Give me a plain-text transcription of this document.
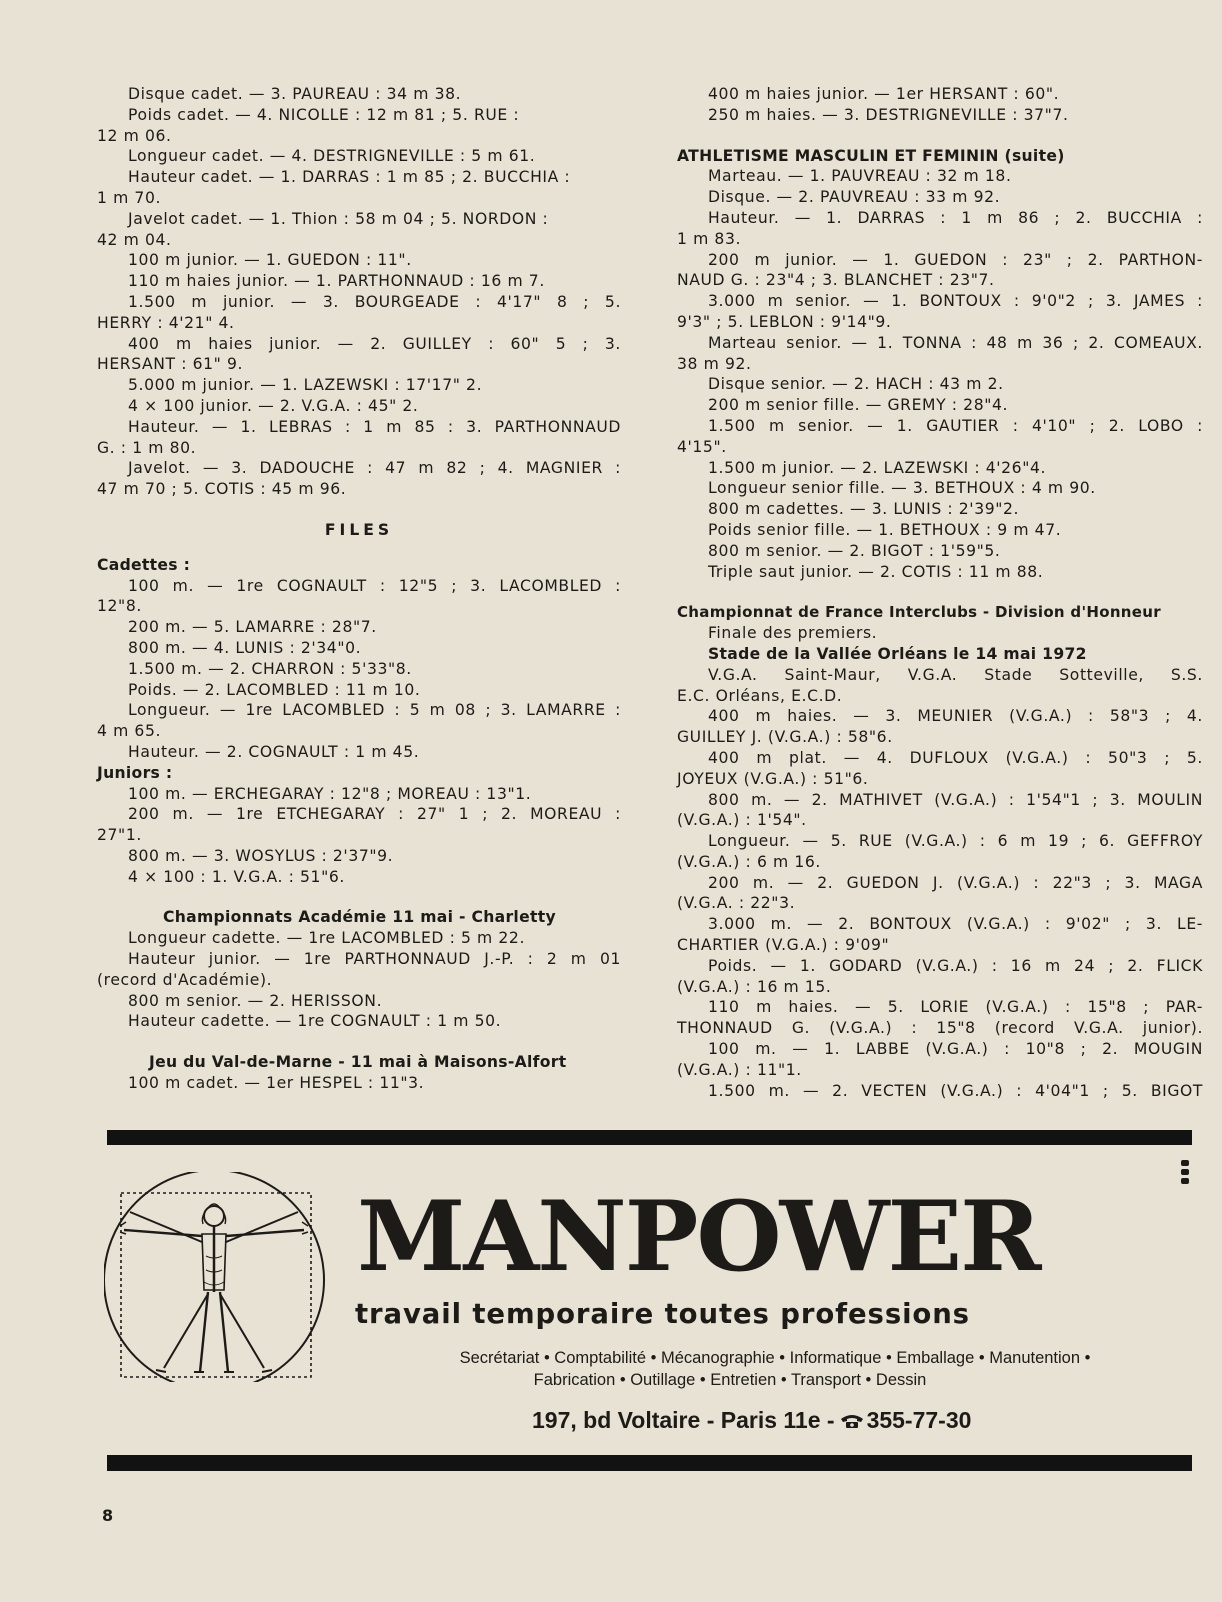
Disque cadet. — 3. PAUREAU : 34 m 38.
Poids cadet. — 4. NICOLLE : 12 m 81 ; 5. RUE :
12 m 06.
Longueur cadet. — 4. DESTRIGNEVILLE : 5 m 61.
Hauteur cadet. — 1. DARRAS : 1 m 85 ; 2. BUCCHIA :
1 m 70.
Javelot cadet. — 1. Thion : 58 m 04 ; 5. NORDON :
42 m 04.
100 m junior. — 1. GUEDON : 11".
110 m haies junior. — 1. PARTHONNAUD : 16 m 7.
1.500 m junior. — 3. BOURGEADE : 4'17" 8 ; 5.
HERRY : 4'21" 4.
400 m haies junior. — 2. GUILLEY : 60" 5 ; 3.
HERSANT : 61" 9.
5.000 m junior. — 1. LAZEWSKI : 17'17" 2.
4 × 100 junior. — 2. V.G.A. : 45" 2.
Hauteur. — 1. LEBRAS : 1 m 85 : 3. PARTHONNAUD
G. : 1 m 80.
Javelot. — 3. DADOUCHE : 47 m 82 ; 4. MAGNIER :
47 m 70 ; 5. COTIS : 45 m 96.
FILES
Cadettes :
100 m. — 1re COGNAULT : 12"5 ; 3. LACOMBLED :
12"8.
200 m. — 5. LAMARRE : 28"7.
800 m. — 4. LUNIS : 2'34"0.
1.500 m. — 2. CHARRON : 5'33"8.
Poids. — 2. LACOMBLED : 11 m 10.
Longueur. — 1re LACOMBLED : 5 m 08 ; 3. LAMARRE :
4 m 65.
Hauteur. — 2. COGNAULT : 1 m 45.
Juniors :
100 m. — ERCHEGARAY : 12"8 ; MOREAU : 13"1.
200 m. — 1re ETCHEGARAY : 27" 1 ; 2. MOREAU :
27"1.
800 m. — 3. WOSYLUS : 2'37"9.
4 × 100 : 1. V.G.A. : 51"6.
Championnats Académie 11 mai - Charletty
Longueur cadette. — 1re LACOMBLED : 5 m 22.
Hauteur junior. — 1re PARTHONNAUD J.-P. : 2 m 01
(record d'Académie).
800 m senior. — 2. HERISSON.
Hauteur cadette. — 1re COGNAULT : 1 m 50.
Jeu du Val-de-Marne - 11 mai à Maisons-Alfort
100 m cadet. — 1er HESPEL : 11"3.
400 m haies junior. — 1er HERSANT : 60".
250 m haies. — 3. DESTRIGNEVILLE : 37"7.
ATHLETISME MASCULIN ET FEMININ (suite)
Marteau. — 1. PAUVREAU : 32 m 18.
Disque. — 2. PAUVREAU : 33 m 92.
Hauteur. — 1. DARRAS : 1 m 86 ; 2. BUCCHIA :
1 m 83.
200 m junior. — 1. GUEDON : 23" ; 2. PARTHON-
NAUD G. : 23"4 ; 3. BLANCHET : 23"7.
3.000 m senior. — 1. BONTOUX : 9'0"2 ; 3. JAMES :
9'3" ; 5. LEBLON : 9'14"9.
Marteau senior. — 1. TONNA : 48 m 36 ; 2. COMEAUX.
38 m 92.
Disque senior. — 2. HACH : 43 m 2.
200 m senior fille. — GREMY : 28"4.
1.500 m senior. — 1. GAUTIER : 4'10" ; 2. LOBO :
4'15".
1.500 m junior. — 2. LAZEWSKI : 4'26"4.
Longueur senior fille. — 3. BETHOUX : 4 m 90.
800 m cadettes. — 3. LUNIS : 2'39"2.
Poids senior fille. — 1. BETHOUX : 9 m 47.
800 m senior. — 2. BIGOT : 1'59"5.
Triple saut junior. — 2. COTIS : 11 m 88.
Championnat de France Interclubs - Division d'Honneur
Finale des premiers.
Stade de la Vallée Orléans le 14 mai 1972
V.G.A. Saint-Maur, V.G.A. Stade Sotteville, S.S.
E.C. Orléans, E.C.D.
400 m haies. — 3. MEUNIER (V.G.A.) : 58"3 ; 4.
GUILLEY J. (V.G.A.) : 58"6.
400 m plat. — 4. DUFLOUX (V.G.A.) : 50"3 ; 5.
JOYEUX (V.G.A.) : 51"6.
800 m. — 2. MATHIVET (V.G.A.) : 1'54"1 ; 3. MOULIN
(V.G.A.) : 1'54".
Longueur. — 5. RUE (V.G.A.) : 6 m 19 ; 6. GEFFROY
(V.G.A.) : 6 m 16.
200 m. — 2. GUEDON J. (V.G.A.) : 22"3 ; 3. MAGA
(V.G.A. : 22"3.
3.000 m. — 2. BONTOUX (V.G.A.) : 9'02" ; 3. LE-
CHARTIER (V.G.A.) : 9'09"
Poids. — 1. GODARD (V.G.A.) : 16 m 24 ; 2. FLICK
(V.G.A.) : 16 m 15.
110 m haies. — 5. LORIE (V.G.A.) : 15"8 ; PAR-
THONNAUD G. (V.G.A.) : 15"8 (record V.G.A. junior).
100 m. — 1. LABBE (V.G.A.) : 10"8 ; 2. MOUGIN
(V.G.A.) : 11"1.
1.500 m. — 2. VECTEN (V.G.A.) : 4'04"1 ; 5. BIGOT
MANPOWER
travail temporaire toutes professions
Secrétariat • Comptabilité • Mécanographie • Informatique • Emballage • Manutention •
Fabrication • Outillage • Entretien • Transport • Dessin
197, bd Voltaire - Paris 11e - 355-77-30
8
